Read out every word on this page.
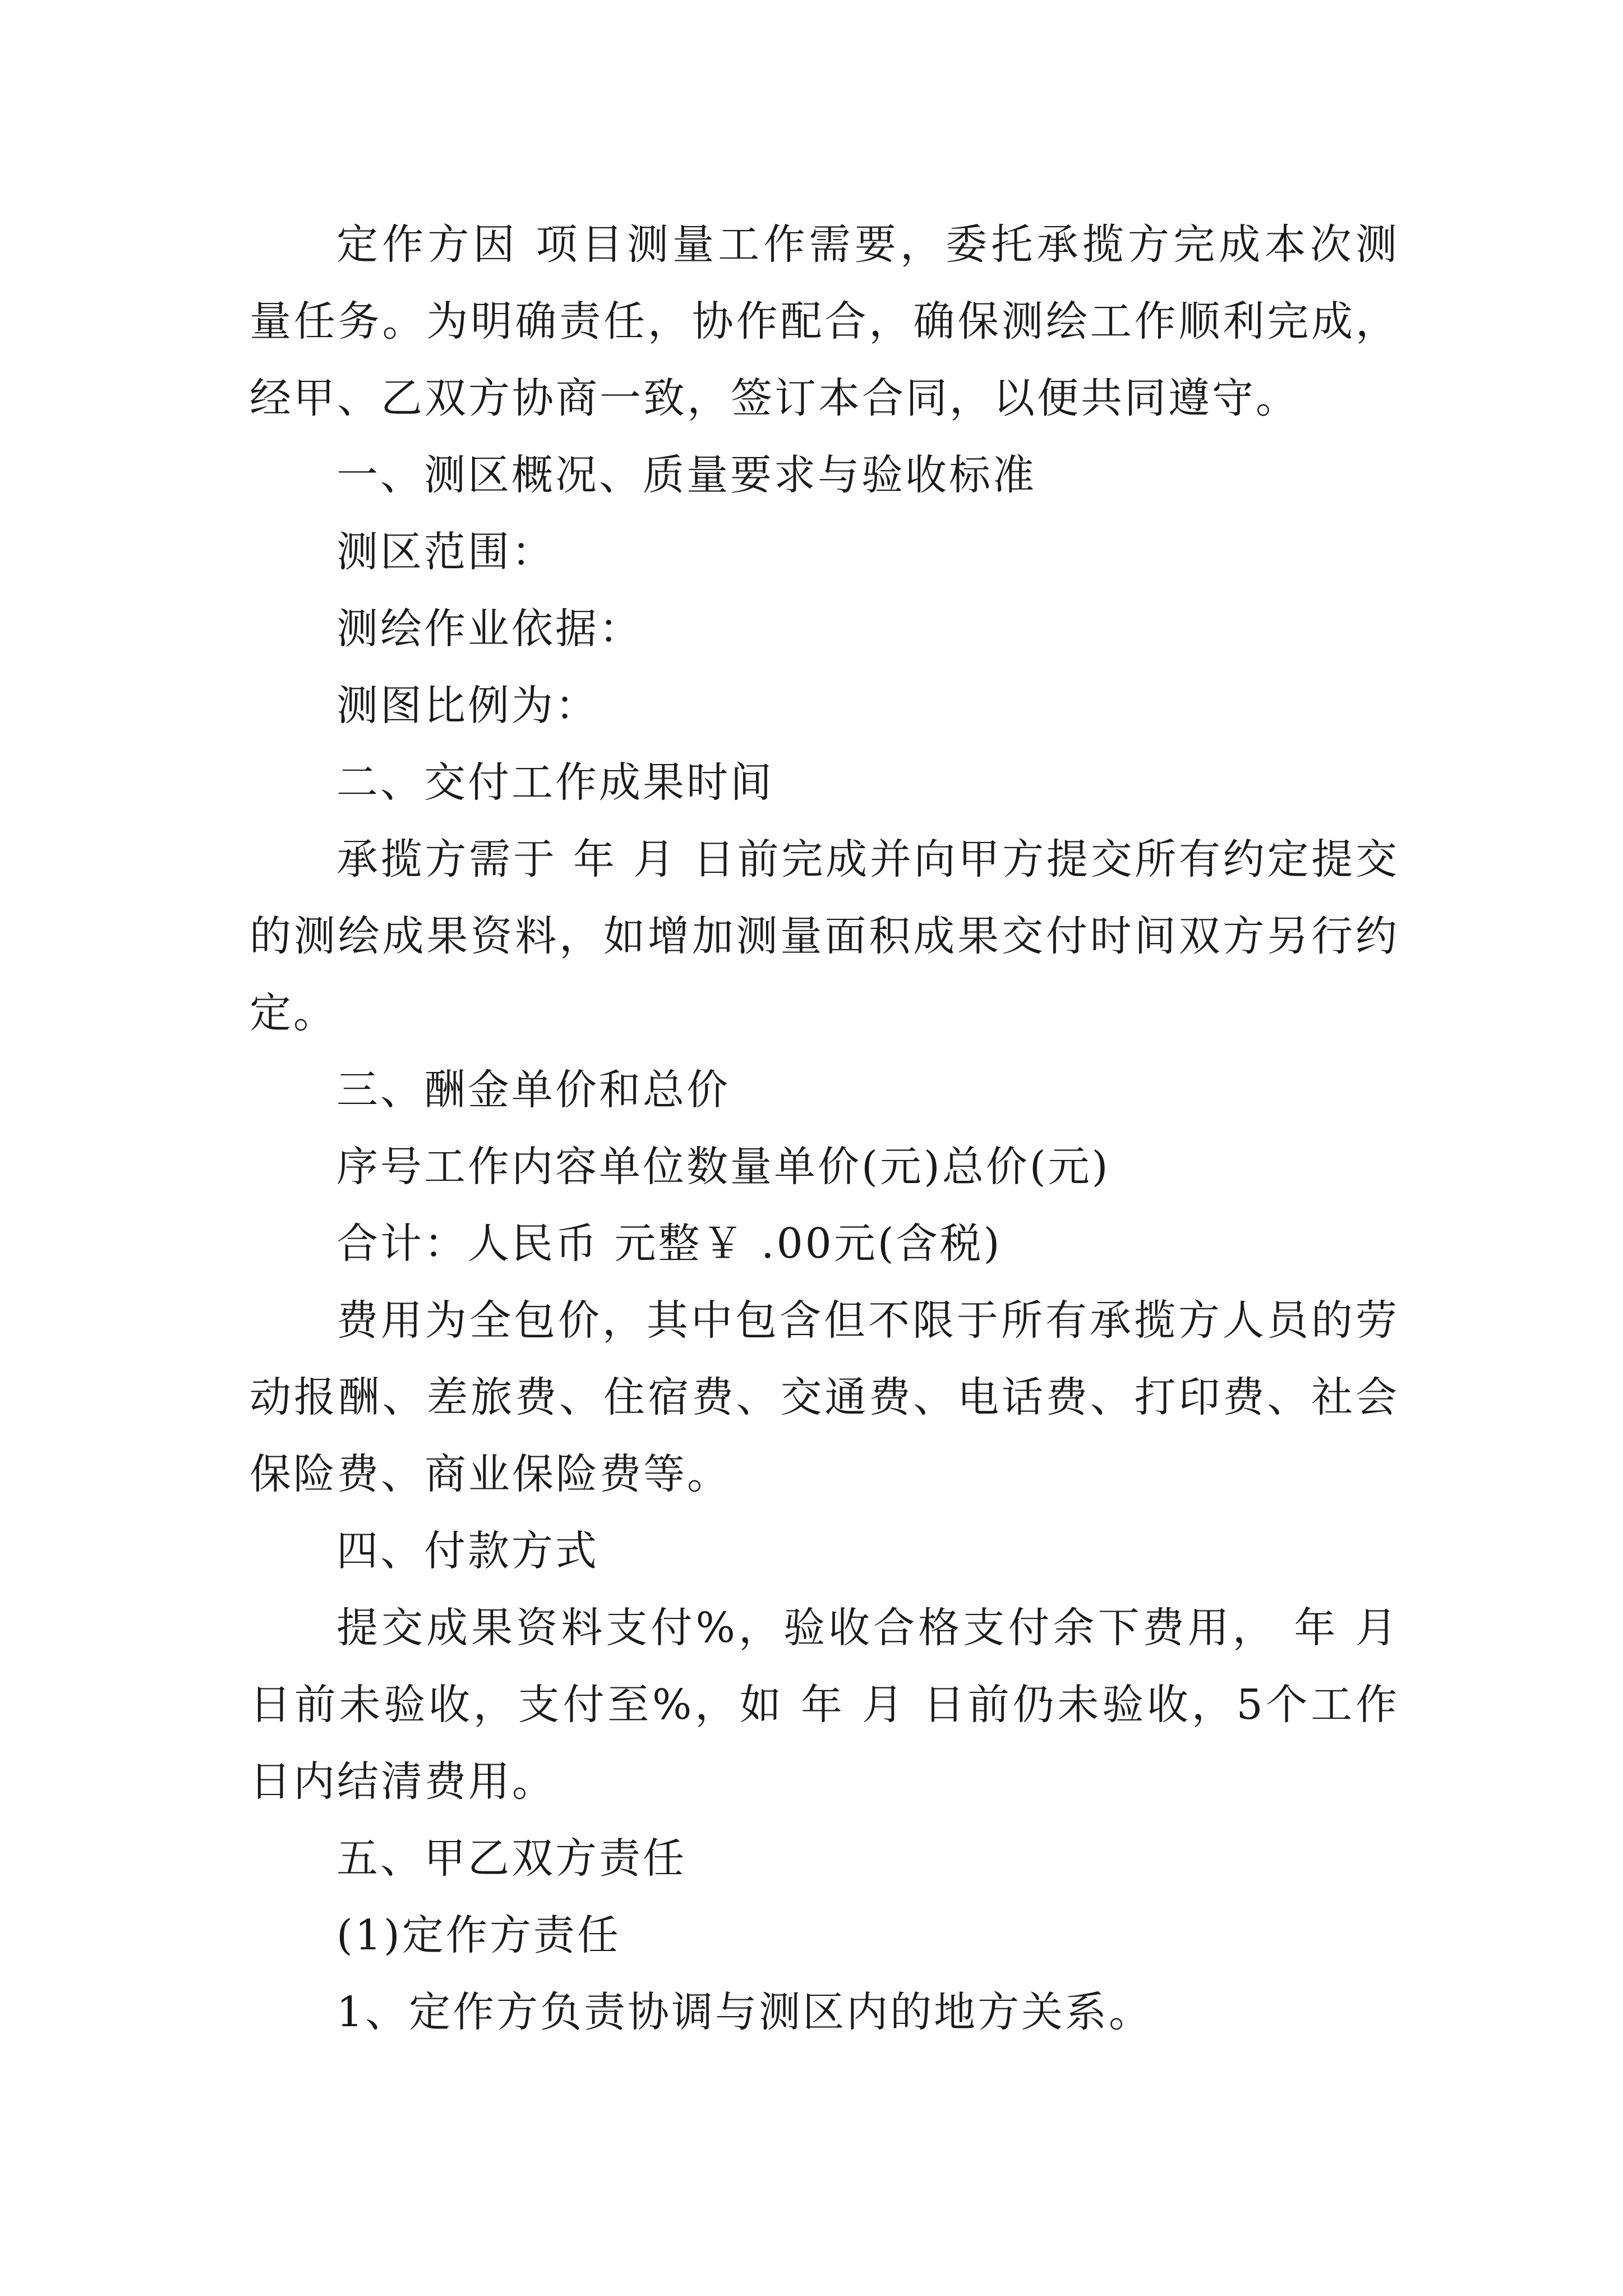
定作方因 项目测量工作需要，委托承揽方完成本次测量任务。为明确责任，协作配合，确保测绘工作顺利完成，经甲、乙双方协商一致，签订本合同，以便共同遵守。

一、测区概况、质量要求与验收标准

测区范围：

测绘作业依据：

测图比例为：

二、交付工作成果时间

承揽方需于 年 月 日前完成并向甲方提交所有约定提交的测绘成果资料，如增加测量面积成果交付时间双方另行约定。

三、酬金单价和总价

序号工作内容单位数量单价(元)总价(元)

合计：人民币 元整￥ .00元(含税)

费用为全包价，其中包含但不限于所有承揽方人员的劳动报酬、差旅费、住宿费、交通费、电话费、打印费、社会保险费、商业保险费等。

四、付款方式

提交成果资料支付%，验收合格支付余下费用， 年 月 日前未验收，支付至%，如 年 月 日前仍未验收，5个工作日内结清费用。

五、甲乙双方责任

(1)定作方责任

1、定作方负责协调与测区内的地方关系。
